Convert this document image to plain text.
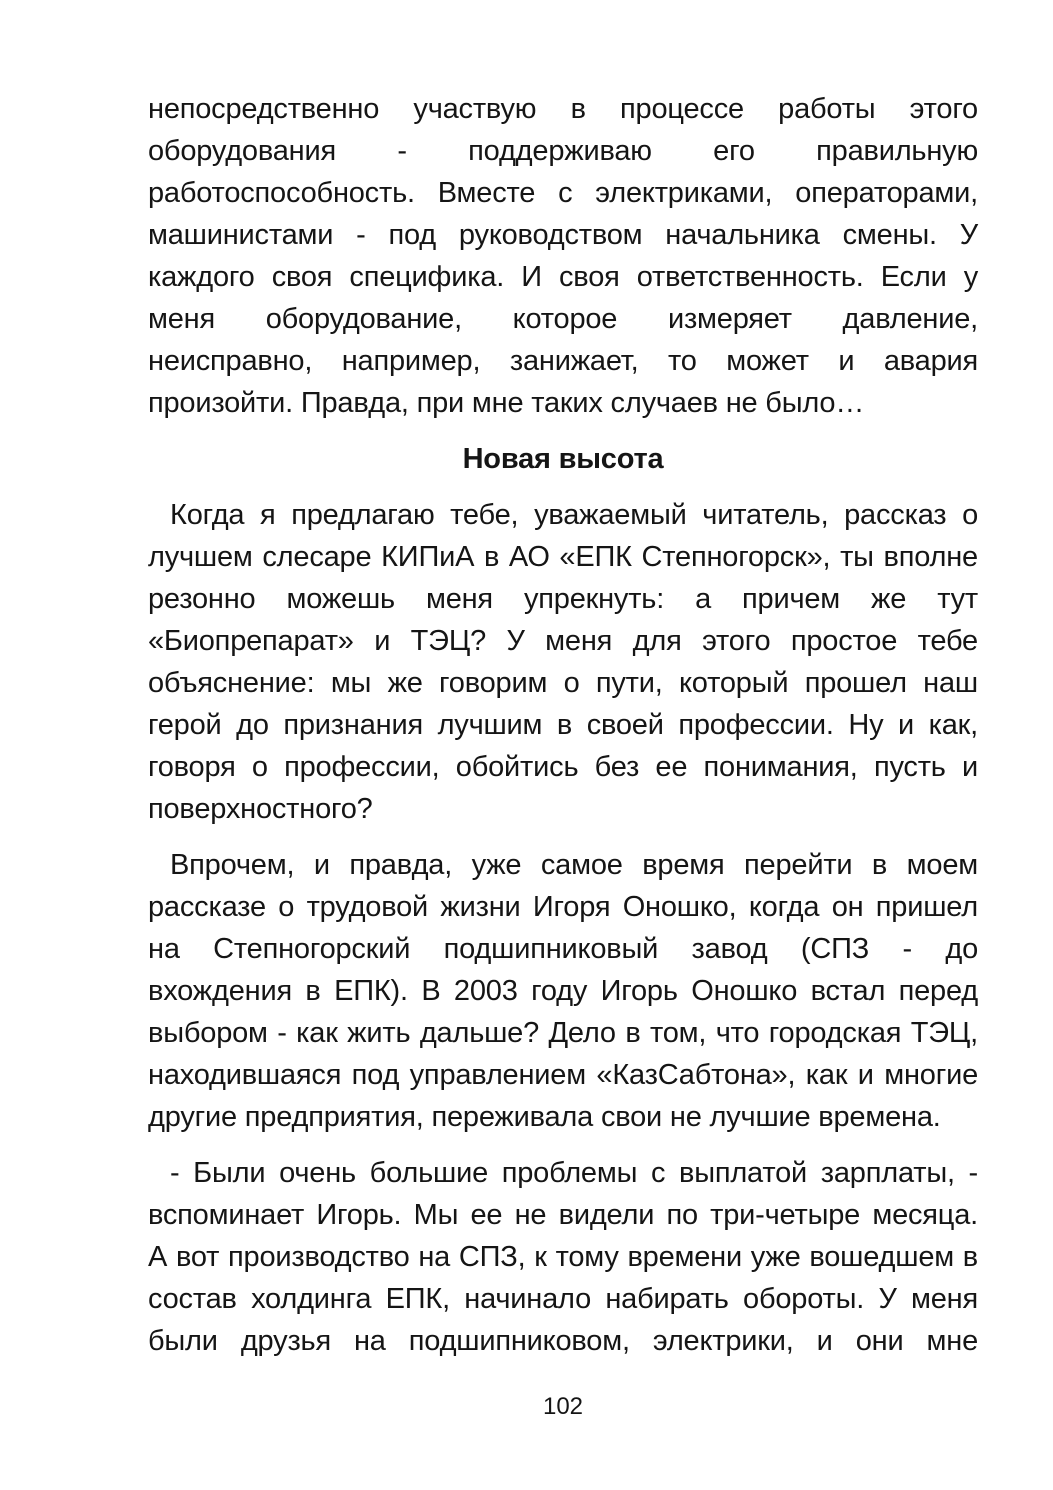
непосредственно участвую в процессе работы этого
оборудования - поддерживаю его правильную
работоспособность. Вместе с электриками, операторами,
машинистами - под руководством начальника смены. У
каждого своя специфика. И своя ответственность. Если у
меня оборудование, которое измеряет давление,
неисправно, например, занижает, то может и авария
произойти. Правда, при мне таких случаев не было…
Новая высота
Когда я предлагаю тебе, уважаемый читатель, рассказ о
лучшем слесаре КИПиА в АО «ЕПК Степногорск», ты вполне
резонно можешь меня упрекнуть: а причем же тут
«Биопрепарат» и ТЭЦ? У меня для этого простое тебе
объяснение: мы же говорим о пути, который прошел наш
герой до признания лучшим в своей профессии. Ну и как,
говоря о профессии, обойтись без ее понимания, пусть и
поверхностного?
Впрочем, и правда, уже самое время перейти в моем
рассказе о трудовой жизни Игоря Оношко, когда он пришел
на Степногорский подшипниковый завод (СПЗ - до
вхождения в ЕПК). В 2003 году Игорь Оношко встал перед
выбором - как жить дальше? Дело в том, что городская ТЭЦ,
находившаяся под управлением «КазСабтона», как и многие
другие предприятия, переживала свои не лучшие времена.
- Были очень большие проблемы с выплатой зарплаты, -
вспоминает Игорь. Мы ее не видели по три-четыре месяца.
А вот производство на СПЗ, к тому времени уже вошедшем в
состав холдинга ЕПК, начинало набирать обороты. У меня
были друзья на подшипниковом, электрики, и они мне
102
